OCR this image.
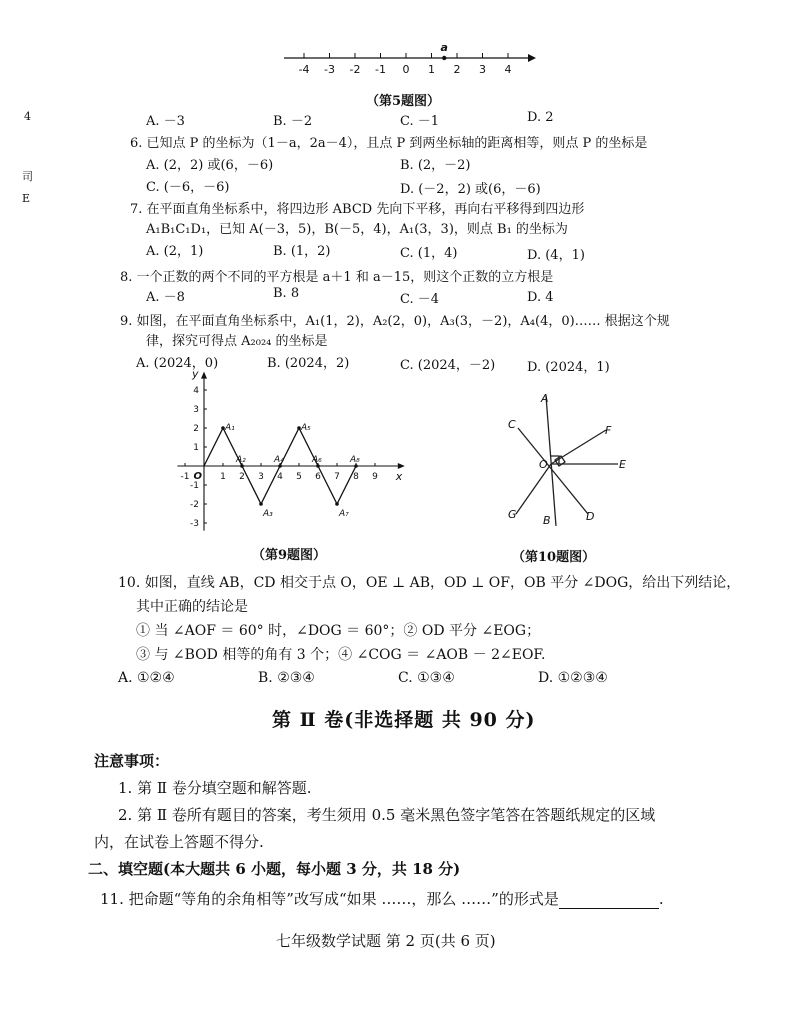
-4 -3 -2 -1 0 1 2 3 4
a
（第5题图）
4
司
E
A. －3	B. －2	C. －1	D. 2
6. 已知点 P 的坐标为（1－a，2a－4），且点 P 到两坐标轴的距离相等，则点 P 的坐标是
A. (2，2) 或(6，－6)	B. (2，－2)
C. (－6，－6)	D. (－2，2) 或(6，－6)
7. 在平面直角坐标系中，将四边形 ABCD 先向下平移，再向右平移得到四边形
A₁B₁C₁D₁，已知 A(－3，5)，B(－5，4)，A₁(3，3)，则点 B₁ 的坐标为
A. (2，1)	B. (1，2)	C. (1，4)	D. (4，1)
8. 一个正数的两个不同的平方根是 a＋1 和 a－15，则这个正数的立方根是
A. －8	B. 8	C. －4	D. 4
9. 如图，在平面直角坐标系中，A₁(1，2)，A₂(2，0)，A₃(3，－2)，A₄(4，0)…… 根据这个规
律，探究可得点 A₂₀₂₄ 的坐标是
A. (2024，0)	B. (2024，2)	C. (2024，－2) D. (2024，1)
x
y
O
-1	1 2 3 4 5 6 7 8 9
4
3
2
1
-1
-2
-3
A₁
A₂
A₃
A₄
A₅
A₆
A₇
A₈
（第9题图）
A
B
C
D
E
F
G
O
（第10题图）
10. 如图，直线 AB，CD 相交于点 O，OE ⊥ AB，OD ⊥ OF，OB 平分 ∠DOG，给出下列结论，
其中正确的结论是
① 当 ∠AOF ＝ 60° 时，∠DOG ＝ 60°；② OD 平分 ∠EOG；
③ 与 ∠BOD 相等的角有 3 个；④ ∠COG ＝ ∠AOB － 2∠EOF.
A. ①②④	B. ②③④	C. ①③④	D. ①②③④
第 Ⅱ 卷(非选择题 共 90 分)
注意事项：
1. 第 Ⅱ 卷分填空题和解答题.
2. 第 Ⅱ 卷所有题目的答案，考生须用 0.5 毫米黑色签字笔答在答题纸规定的区域
内，在试卷上答题不得分.
二、填空题(本大题共 6 小题，每小题 3 分，共 18 分)
11. 把命题“等角的余角相等”改写成“如果 ……，那么 ……”的形式是	.
七年级数学试题 第 2 页(共 6 页)
